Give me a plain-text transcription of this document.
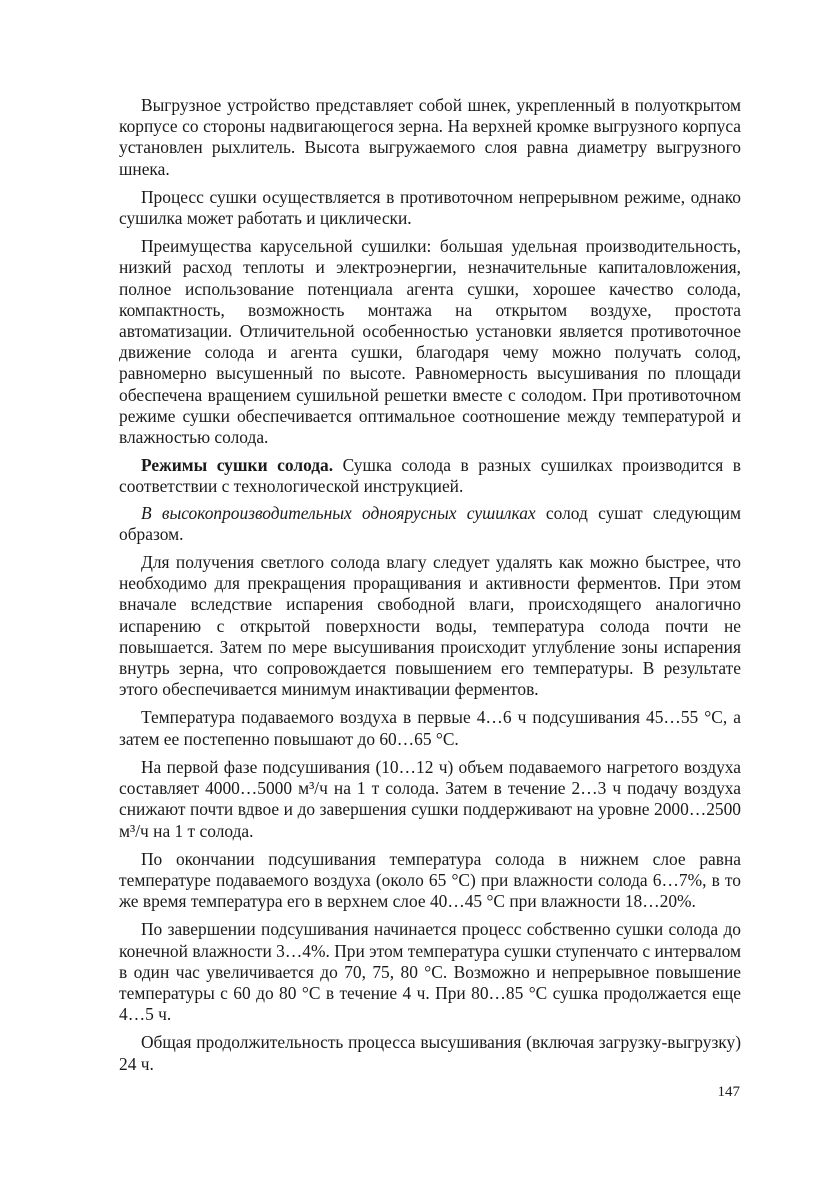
Выгрузное устройство представляет собой шнек, укрепленный в полуоткрытом корпусе со стороны надвигающегося зерна. На верхней кромке выгрузного корпуса установлен рыхлитель. Высота выгружаемого слоя равна диаметру выгрузного шнека.

Процесс сушки осуществляется в противоточном непрерывном режиме, однако сушилка может работать и циклически.

Преимущества карусельной сушилки: большая удельная производительность, низкий расход теплоты и электроэнергии, незначительные капиталовложения, полное использование потенциала агента сушки, хорошее качество солода, компактность, возможность монтажа на открытом воздухе, простота автоматизации. Отличительной особенностью установки является противоточное движение солода и агента сушки, благодаря чему можно получать солод, равномерно высушенный по высоте. Равномерность высушивания по площади обеспечена вращением сушильной решетки вместе с солодом. При противоточном режиме сушки обеспечивается оптимальное соотношение между температурой и влажностью солода.

Режимы сушки солода. Сушка солода в разных сушилках производится в соответствии с технологической инструкцией.

В высокопроизводительных одноярусных сушилках солод сушат следующим образом.

Для получения светлого солода влагу следует удалять как можно быстрее, что необходимо для прекращения проращивания и активности ферментов. При этом вначале вследствие испарения свободной влаги, происходящего аналогично испарению с открытой поверхности воды, температура солода почти не повышается. Затем по мере высушивания происходит углубление зоны испарения внутрь зерна, что сопровождается повышением его температуры. В результате этого обеспечивается минимум инактивации ферментов.

Температура подаваемого воздуха в первые 4…6 ч подсушивания 45…55 °С, а затем ее постепенно повышают до 60…65 °С.

На первой фазе подсушивания (10…12 ч) объем подаваемого нагретого воздуха составляет 4000…5000 м³/ч на 1 т солода. Затем в течение 2…3 ч подачу воздуха снижают почти вдвое и до завершения сушки поддерживают на уровне 2000…2500 м³/ч на 1 т солода.

По окончании подсушивания температура солода в нижнем слое равна температуре подаваемого воздуха (около 65 °С) при влажности солода 6…7%, в то же время температура его в верхнем слое 40…45 °С при влажности 18…20%.

По завершении подсушивания начинается процесс собственно сушки солода до конечной влажности 3…4%. При этом температура сушки ступенчато с интервалом в один час увеличивается до 70, 75, 80 °С. Возможно и непрерывное повышение температуры с 60 до 80 °С в течение 4 ч. При 80…85 °С сушка продолжается еще 4…5 ч.

Общая продолжительность процесса высушивания (включая загрузку-выгрузку) 24 ч.

147
